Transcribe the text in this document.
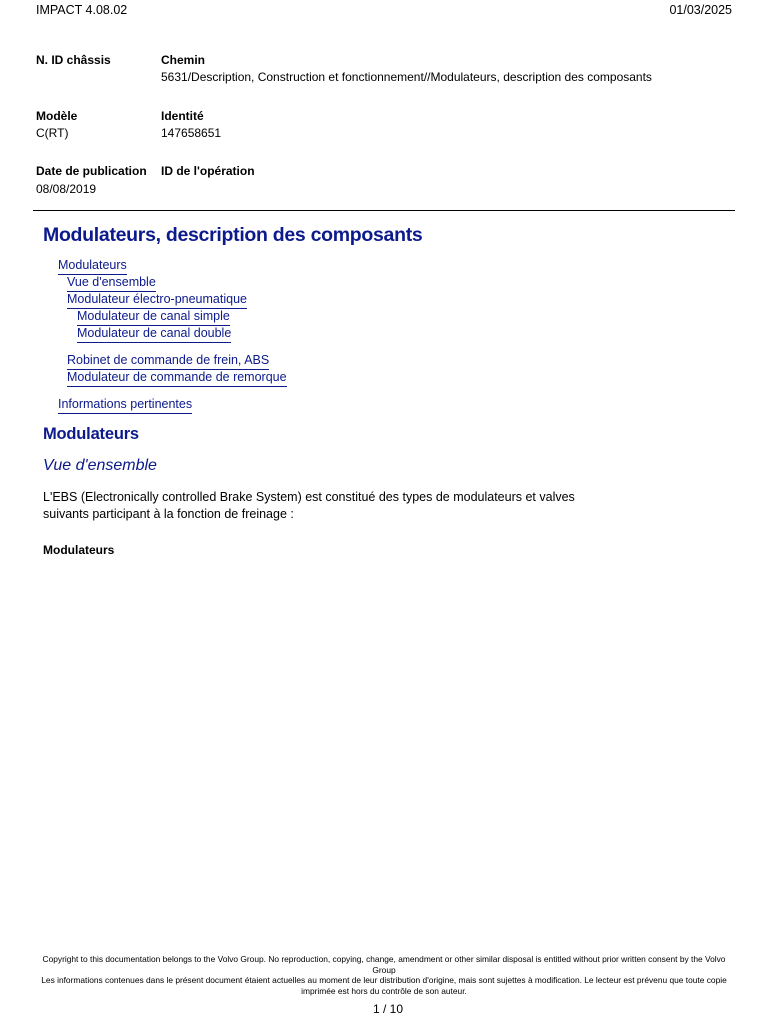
IMPACT 4.08.02	01/03/2025
N. ID châssis	Chemin
5631/Description, Construction et fonctionnement//Modulateurs, description des composants
Modèle
C(RT)
Identité
147658651
Date de publication
08/08/2019
ID de l'opération
Modulateurs, description des composants
Modulateurs
Vue d'ensemble
Modulateur électro-pneumatique
Modulateur de canal simple
Modulateur de canal double
Robinet de commande de frein, ABS
Modulateur de commande de remorque
Informations pertinentes
Modulateurs
Vue d'ensemble
L'EBS (Electronically controlled Brake System) est constitué des types de modulateurs et valves suivants participant à la fonction de freinage :
Modulateurs

Copyright to this documentation belongs to the Volvo Group. No reproduction, copying, change, amendment or other similar disposal is entitled without prior written consent by the Volvo Group

Les informations contenues dans le présent document étaient actuelles au moment de leur distribution d'origine, mais sont sujettes à modification. Le lecteur est prévenu que toute copie imprimée est hors du contrôle de son auteur.

1 / 10
